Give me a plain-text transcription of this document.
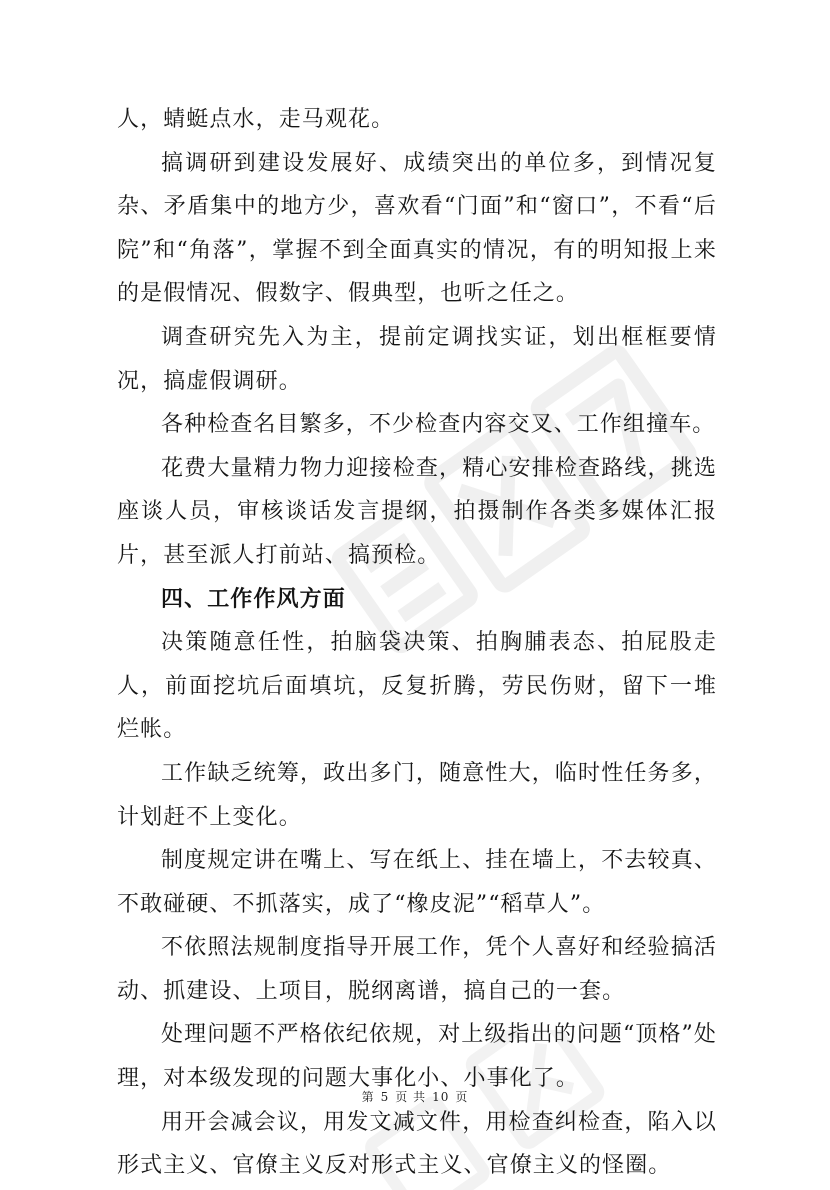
人，蜻蜓点水，走马观花。

搞调研到建设发展好、成绩突出的单位多，到情况复杂、矛盾集中的地方少，喜欢看“门面”和“窗口”，不看“后院”和“角落”，掌握不到全面真实的情况，有的明知报上来的是假情况、假数字、假典型，也听之任之。

调查研究先入为主，提前定调找实证，划出框框要情况，搞虚假调研。

各种检查名目繁多，不少检查内容交叉、工作组撞车。

花费大量精力物力迎接检查，精心安排检查路线，挑选座谈人员，审核谈话发言提纲，拍摄制作各类多媒体汇报片，甚至派人打前站、搞预检。

四、工作作风方面

决策随意任性，拍脑袋决策、拍胸脯表态、拍屁股走人，前面挖坑后面填坑，反复折腾，劳民伤财，留下一堆烂帐。

工作缺乏统筹，政出多门，随意性大，临时性任务多，计划赶不上变化。

制度规定讲在嘴上、写在纸上、挂在墙上，不去较真、不敢碰硬、不抓落实，成了“橡皮泥”“稻草人”。

不依照法规制度指导开展工作，凭个人喜好和经验搞活动、抓建设、上项目，脱纲离谱，搞自己的一套。

处理问题不严格依纪依规，对上级指出的问题“顶格”处理，对本级发现的问题大事化小、小事化了。

用开会减会议，用发文减文件，用检查纠检查，陷入以形式主义、官僚主义反对形式主义、官僚主义的怪圈。

第 5 页 共 10 页
